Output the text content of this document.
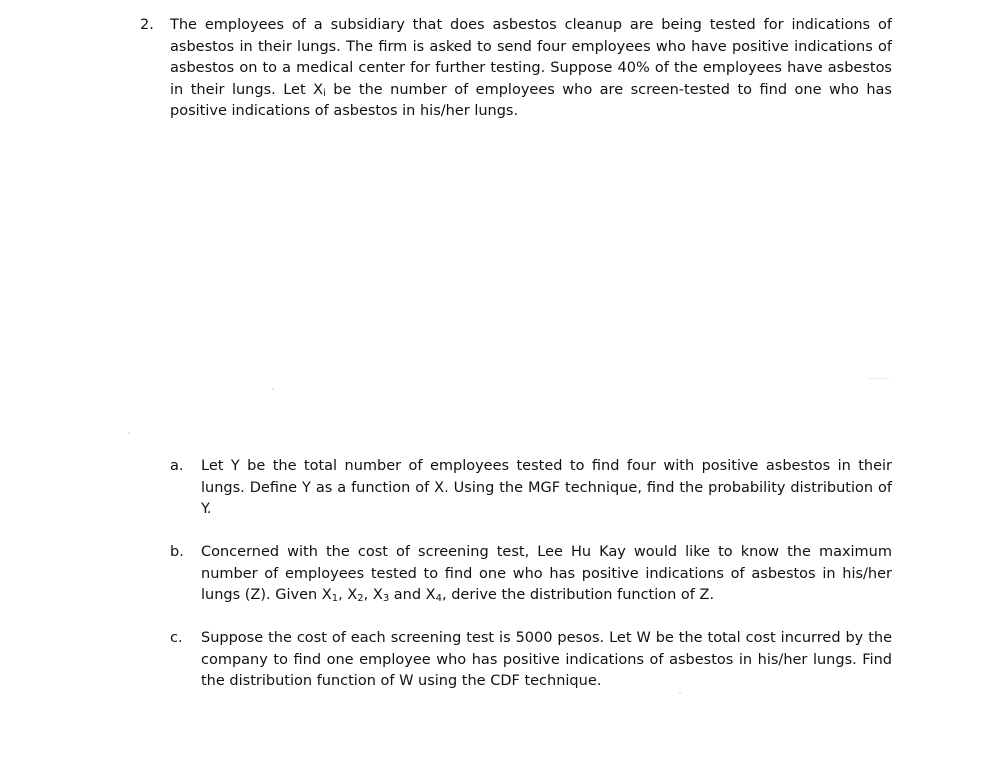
2.	The employees of a subsidiary that does asbestos cleanup are being tested for indications of asbestos in their lungs. The firm is asked to send four employees who have positive indications of asbestos on to a medical center for further testing. Suppose 40% of the employees have asbestos in their lungs. Let $X_i$ be the number of employees who are screen-tested to find one who has positive indications of asbestos in his/her lungs.
a.	Let Y be the total number of employees tested to find four with positive asbestos in their lungs. Define Y as a function of X. Using the MGF technique, find the probability distribution of Y.
b.	Concerned with the cost of screening test, Lee Hu Kay would like to know the maximum number of employees tested to find one who has positive indications of asbestos in his/her lungs (Z). Given $X_1$, $X_2$, $X_3$ and $X_4$, derive the distribution function of Z.
c.	Suppose the cost of each screening test is 5000 pesos. Let W be the total cost incurred by the company to find one employee who has positive indications of asbestos in his/her lungs. Find the distribution function of W using the CDF technique.
